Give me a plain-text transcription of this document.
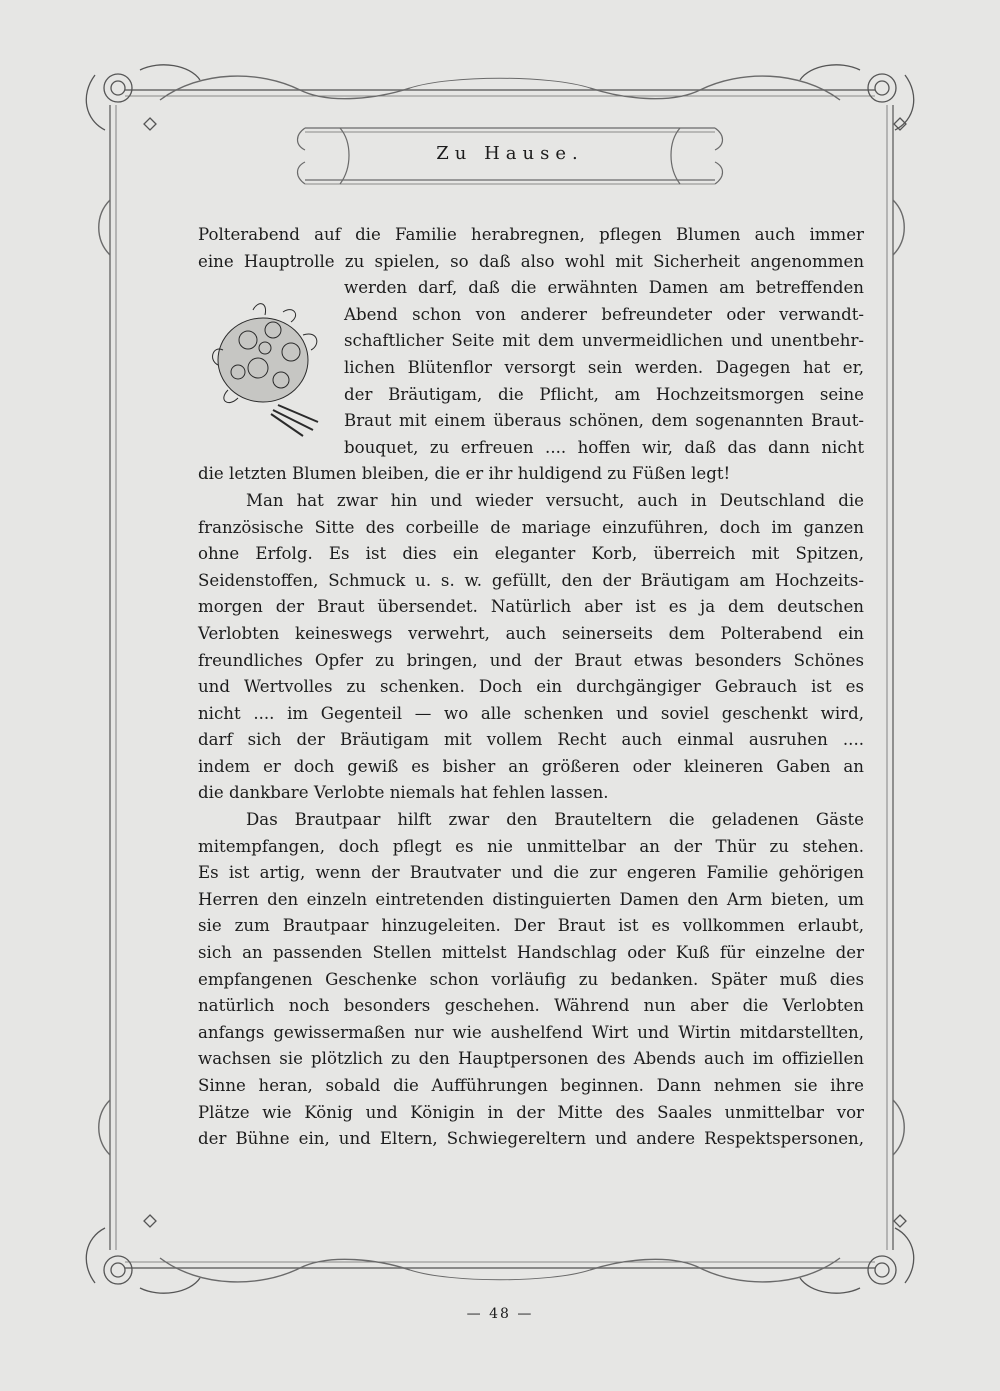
Zu Hause.
Polterabend auf die Familie herabregnen, pflegen Blumen auch immer
eine Hauptrolle zu spielen, so daß also wohl mit Sicherheit angenommen
werden darf, daß die erwähnten Damen am betreffenden
Abend schon von anderer befreundeter oder verwandt-
schaftlicher Seite mit dem unvermeidlichen und unentbehr-
lichen Blütenflor versorgt sein werden. Dagegen hat er,
der Bräutigam, die Pflicht, am Hochzeitsmorgen seine
Braut mit einem überaus schönen, dem sogenannten Braut-
bouquet, zu erfreuen .... hoffen wir, daß das dann nicht
die letzten Blumen bleiben, die er ihr huldigend zu Füßen legt!
Man hat zwar hin und wieder versucht, auch in Deutschland die
französische Sitte des corbeille de mariage einzuführen, doch im ganzen
ohne Erfolg. Es ist dies ein eleganter Korb, überreich mit Spitzen,
Seidenstoffen, Schmuck u. s. w. gefüllt, den der Bräutigam am Hochzeits-
morgen der Braut übersendet. Natürlich aber ist es ja dem deutschen
Verlobten keineswegs verwehrt, auch seinerseits dem Polterabend ein
freundliches Opfer zu bringen, und der Braut etwas besonders Schönes
und Wertvolles zu schenken. Doch ein durchgängiger Gebrauch ist es
nicht .... im Gegenteil — wo alle schenken und soviel geschenkt wird,
darf sich der Bräutigam mit vollem Recht auch einmal ausruhen ....
indem er doch gewiß es bisher an größeren oder kleineren Gaben an
die dankbare Verlobte niemals hat fehlen lassen.
Das Brautpaar hilft zwar den Brauteltern die geladenen Gäste
mitempfangen, doch pflegt es nie unmittelbar an der Thür zu stehen.
Es ist artig, wenn der Brautvater und die zur engeren Familie gehörigen
Herren den einzeln eintretenden distinguierten Damen den Arm bieten, um
sie zum Brautpaar hinzugeleiten. Der Braut ist es vollkommen erlaubt,
sich an passenden Stellen mittelst Handschlag oder Kuß für einzelne der
empfangenen Geschenke schon vorläufig zu bedanken. Später muß dies
natürlich noch besonders geschehen. Während nun aber die Verlobten
anfangs gewissermaßen nur wie aushelfend Wirt und Wirtin mitdarstellten,
wachsen sie plötzlich zu den Hauptpersonen des Abends auch im offiziellen
Sinne heran, sobald die Aufführungen beginnen. Dann nehmen sie ihre
Plätze wie König und Königin in der Mitte des Saales unmittelbar vor
der Bühne ein, und Eltern, Schwiegereltern und andere Respektspersonen,
— 48 —
